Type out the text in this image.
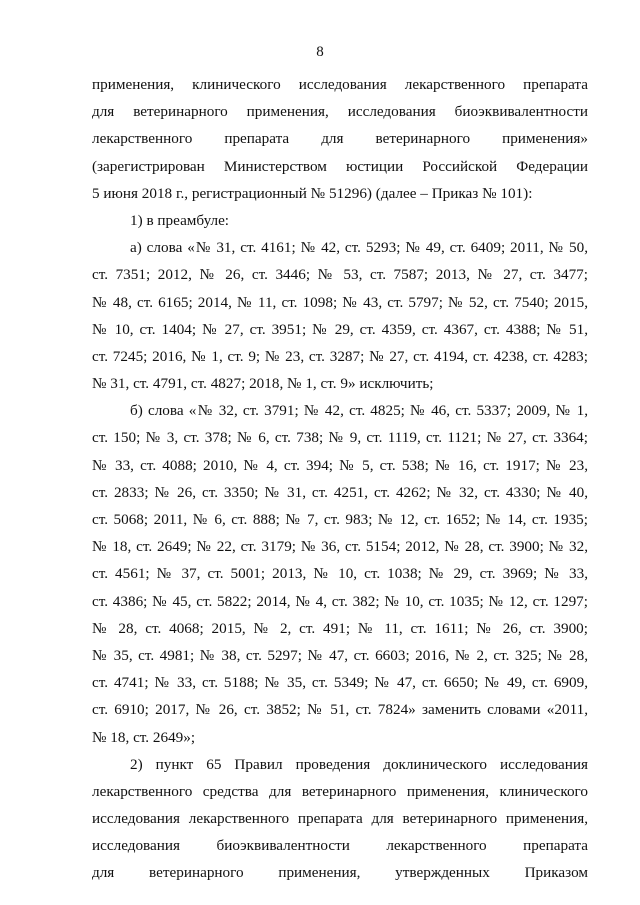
8
применения, клинического исследования лекарственного препарата
для ветеринарного применения, исследования биоэквивалентности
лекарственного препарата для ветеринарного применения»
(зарегистрирован Министерством юстиции Российской Федерации
5 июня 2018 г., регистрационный № 51296) (далее – Приказ № 101):
1) в преамбуле:
а) слова «№ 31, ст. 4161; № 42, ст. 5293; № 49, ст. 6409; 2011, № 50,
ст. 7351; 2012, № 26, ст. 3446; № 53, ст. 7587; 2013, № 27, ст. 3477;
№ 48, ст. 6165; 2014, № 11, ст. 1098; № 43, ст. 5797; № 52, ст. 7540; 2015,
№ 10, ст. 1404; № 27, ст. 3951; № 29, ст. 4359, ст. 4367, ст. 4388; № 51,
ст. 7245; 2016, № 1, ст. 9; № 23, ст. 3287; № 27, ст. 4194, ст. 4238, ст. 4283;
№ 31, ст. 4791, ст. 4827; 2018, № 1, ст. 9» исключить;
б) слова «№ 32, ст. 3791; № 42, ст. 4825; № 46, ст. 5337; 2009, № 1,
ст. 150; № 3, ст. 378; № 6, ст. 738; № 9, ст. 1119, ст. 1121; № 27, ст. 3364;
№ 33, ст. 4088; 2010, № 4, ст. 394; № 5, ст. 538; № 16, ст. 1917; № 23,
ст. 2833; № 26, ст. 3350; № 31, ст. 4251, ст. 4262; № 32, ст. 4330; № 40,
ст. 5068; 2011, № 6, ст. 888; № 7, ст. 983; № 12, ст. 1652; № 14, ст. 1935;
№ 18, ст. 2649; № 22, ст. 3179; № 36, ст. 5154; 2012, № 28, ст. 3900; № 32,
ст. 4561; № 37, ст. 5001; 2013, № 10, ст. 1038; № 29, ст. 3969; № 33,
ст. 4386; № 45, ст. 5822; 2014, № 4, ст. 382; № 10, ст. 1035; № 12, ст. 1297;
№ 28, ст. 4068; 2015, № 2, ст. 491; № 11, ст. 1611; № 26, ст. 3900;
№ 35, ст. 4981; № 38, ст. 5297; № 47, ст. 6603; 2016, № 2, ст. 325; № 28,
ст. 4741; № 33, ст. 5188; № 35, ст. 5349; № 47, ст. 6650; № 49, ст. 6909,
ст. 6910; 2017, № 26, ст. 3852; № 51, ст. 7824» заменить словами «2011,
№ 18, ст. 2649»;
2) пункт 65 Правил проведения доклинического исследования
лекарственного средства для ветеринарного применения, клинического
исследования лекарственного препарата для ветеринарного применения,
исследования биоэквивалентности лекарственного препарата
для ветеринарного применения, утвержденных Приказом
